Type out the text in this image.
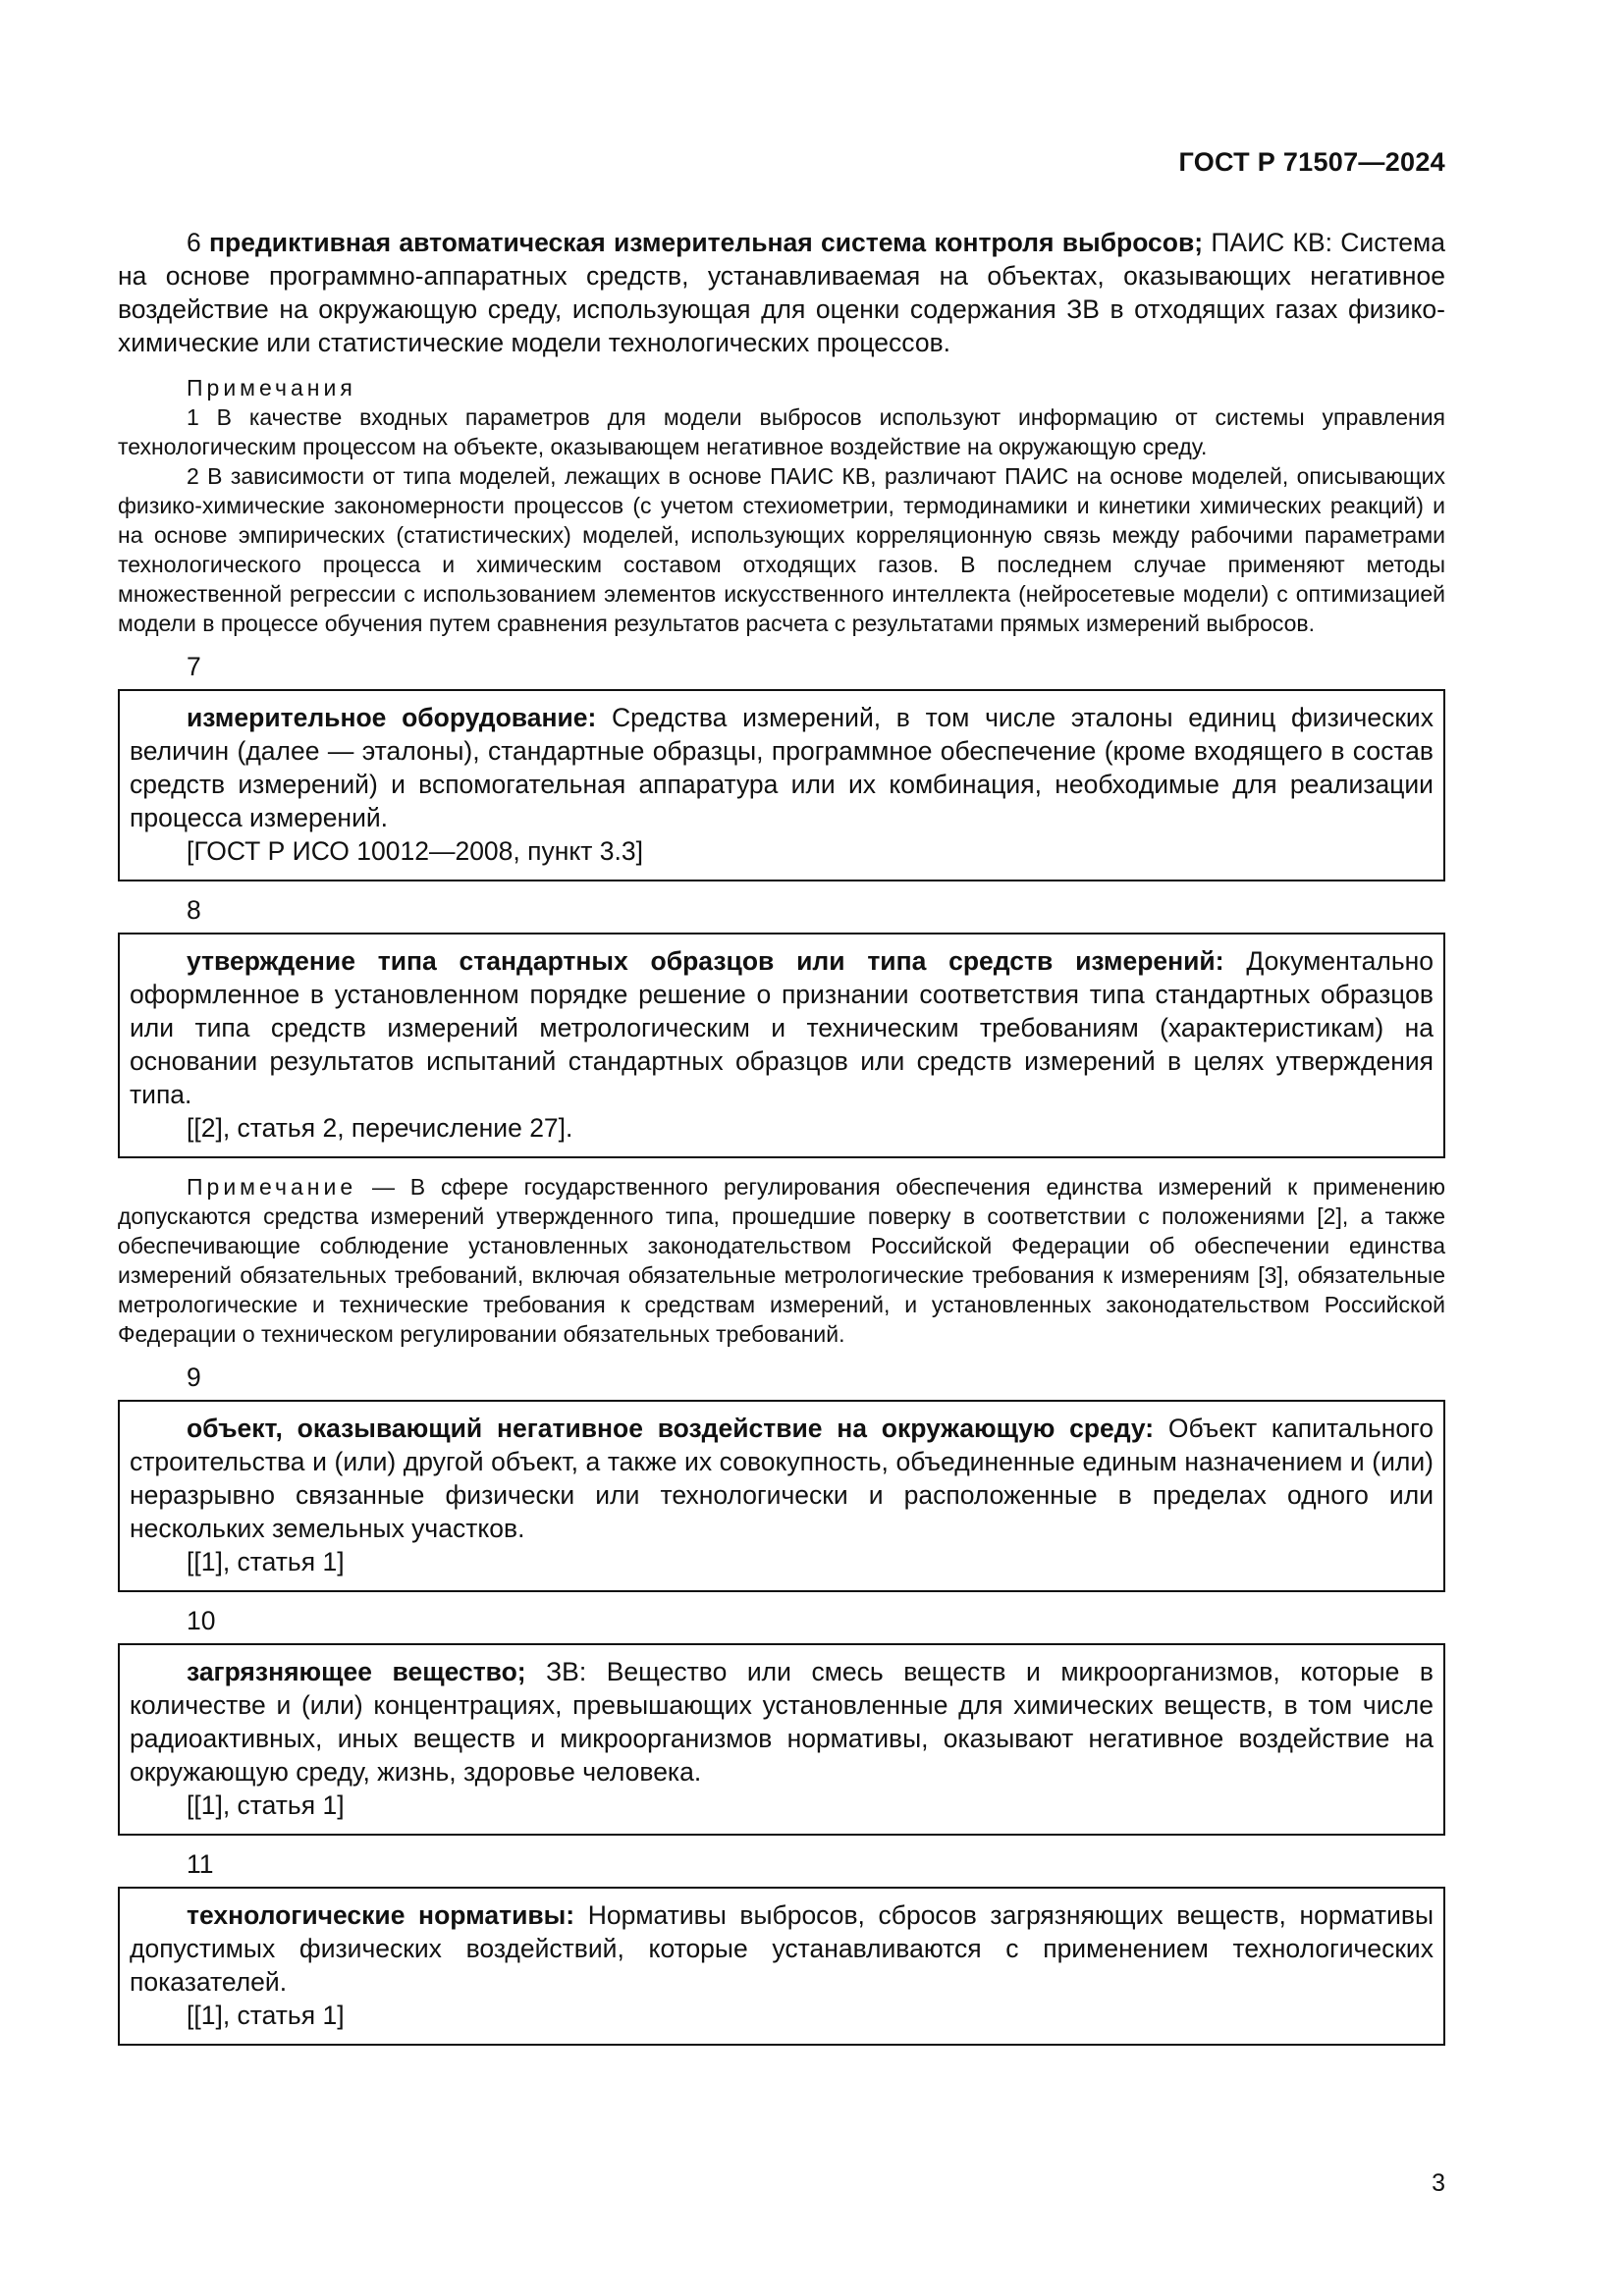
ГОСТ Р 71507—2024

6 предиктивная автоматическая измерительная система контроля выбросов; ПАИС КВ: Система на основе программно-аппаратных средств, устанавливаемая на объектах, оказывающих негативное воздействие на окружающую среду, использующая для оценки содержания ЗВ в отходящих газах физико-химические или статистические модели технологических процессов.

Примечания

1 В качестве входных параметров для модели выбросов используют информацию от системы управления технологическим процессом на объекте, оказывающем негативное воздействие на окружающую среду.

2 В зависимости от типа моделей, лежащих в основе ПАИС КВ, различают ПАИС на основе моделей, описывающих физико-химические закономерности процессов (с учетом стехиометрии, термодинамики и кинетики химических реакций) и на основе эмпирических (статистических) моделей, использующих корреляционную связь между рабочими параметрами технологического процесса и химическим составом отходящих газов. В последнем случае применяют методы множественной регрессии с использованием элементов искусственного интеллекта (нейросетевые модели) с оптимизацией модели в процессе обучения путем сравнения результатов расчета с результатами прямых измерений выбросов.

7

измерительное оборудование: Средства измерений, в том числе эталоны единиц физических величин (далее — эталоны), стандартные образцы, программное обеспечение (кроме входящего в состав средств измерений) и вспомогательная аппаратура или их комбинация, необходимые для реализации процесса измерений.

[ГОСТ Р ИСО 10012—2008, пункт 3.3]

8

утверждение типа стандартных образцов или типа средств измерений: Документально оформленное в установленном порядке решение о признании соответствия типа стандартных образцов или типа средств измерений метрологическим и техническим требованиям (характеристикам) на основании результатов испытаний стандартных образцов или средств измерений в целях утверждения типа.

[[2], статья 2, перечисление 27].

Примечание — В сфере государственного регулирования обеспечения единства измерений к применению допускаются средства измерений утвержденного типа, прошедшие поверку в соответствии с положениями [2], а также обеспечивающие соблюдение установленных законодательством Российской Федерации об обеспечении единства измерений обязательных требований, включая обязательные метрологические требования к измерениям [3], обязательные метрологические и технические требования к средствам измерений, и установленных законодательством Российской Федерации о техническом регулировании обязательных требований.

9

объект, оказывающий негативное воздействие на окружающую среду: Объект капитального строительства и (или) другой объект, а также их совокупность, объединенные единым назначением и (или) неразрывно связанные физически или технологически и расположенные в пределах одного или нескольких земельных участков.

[[1], статья 1]

10

загрязняющее вещество; ЗВ: Вещество или смесь веществ и микроорганизмов, которые в количестве и (или) концентрациях, превышающих установленные для химических веществ, в том числе радиоактивных, иных веществ и микроорганизмов нормативы, оказывают негативное воздействие на окружающую среду, жизнь, здоровье человека.

[[1], статья 1]

11

технологические нормативы: Нормативы выбросов, сбросов загрязняющих веществ, нормативы допустимых физических воздействий, которые устанавливаются с применением технологических показателей.

[[1], статья 1]

3
